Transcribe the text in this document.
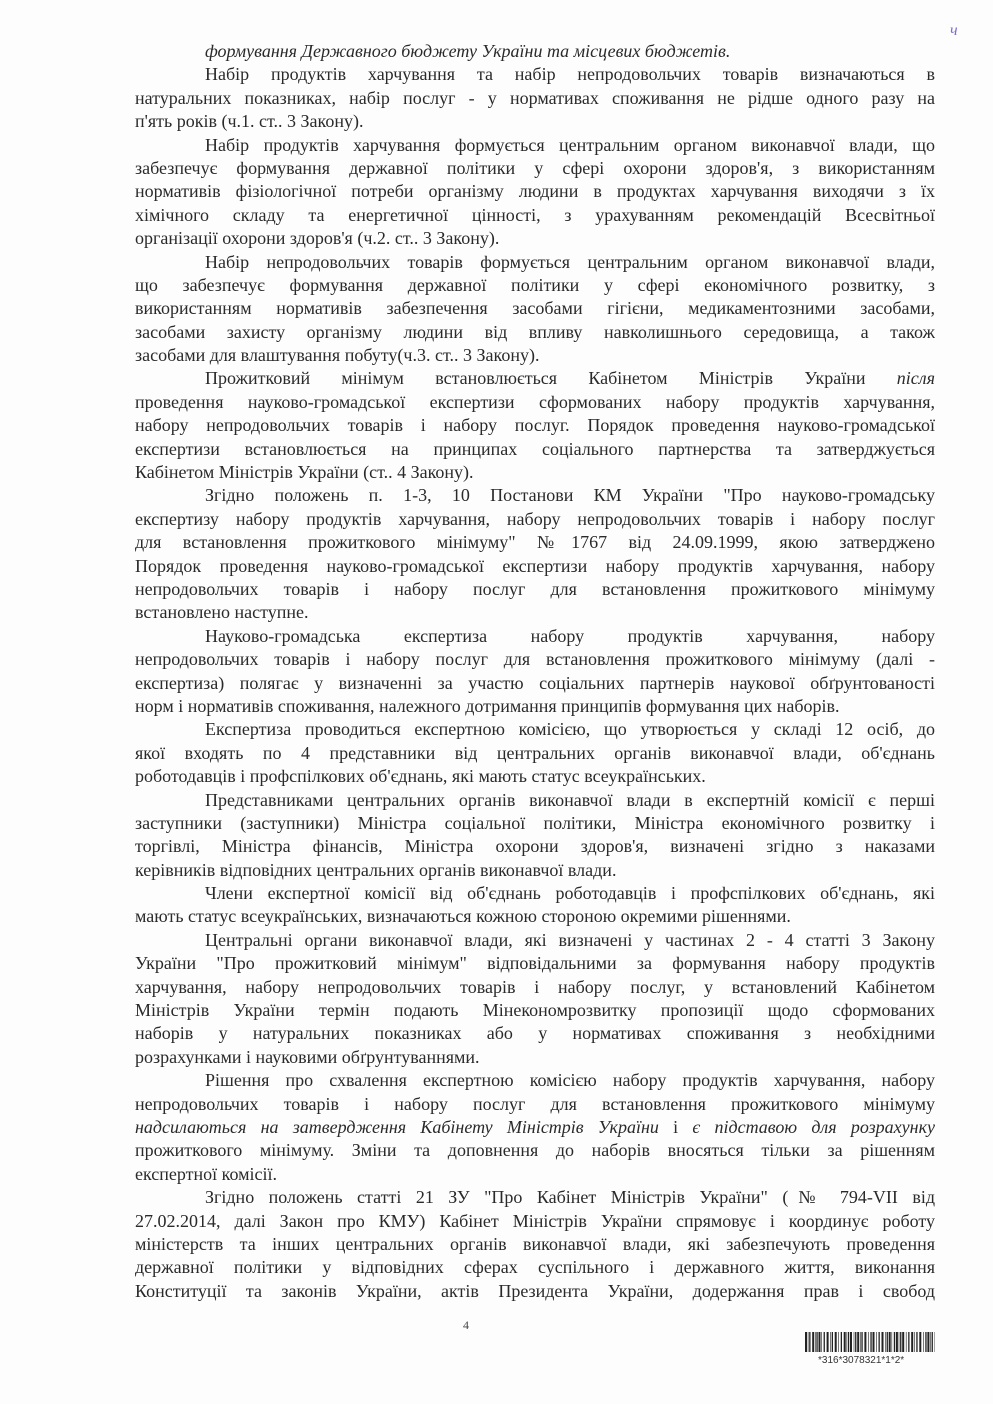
ч
формування Державного бюджету України та місцевих бюджетів.
Набір продуктів харчування та набір непродовольчих товарів визначаються в
натуральних показниках, набір послуг - у нормативах споживання не рідше одного разу на
п'ять років (ч.1. ст.. 3 Закону).
Набір продуктів харчування формується центральним органом виконавчої влади, що
забезпечує формування державної політики у сфері охорони здоров'я, з використанням
нормативів фізіологічної потреби організму людини в продуктах харчування виходячи з їх
хімічного складу та енергетичної цінності, з урахуванням рекомендацій Всесвітньої
організації охорони здоров'я (ч.2. ст.. 3 Закону).
Набір непродовольчих товарів формується центральним органом виконавчої влади,
що забезпечує формування державної політики у сфері економічного розвитку, з
використанням нормативів забезпечення засобами гігієни, медикаментозними засобами,
засобами захисту організму людини від впливу навколишнього середовища, а також
засобами для влаштування побуту(ч.3. ст.. 3 Закону).
Прожитковий мінімум встановлюється Кабінетом Міністрів України після
проведення науково-громадської експертизи сформованих набору продуктів харчування,
набору непродовольчих товарів і набору послуг. Порядок проведення науково-громадської
експертизи встановлюється на принципах соціального партнерства та затверджується
Кабінетом Міністрів України (ст.. 4 Закону).
Згідно положень п. 1-3, 10 Постанови КМ України "Про науково-громадську
експертизу набору продуктів харчування, набору непродовольчих товарів і набору послуг
для встановлення прожиткового мінімуму" №1767 від 24.09.1999, якою затверджено
Порядок проведення науково-громадської експертизи набору продуктів харчування, набору
непродовольчих товарів і набору послуг для встановлення прожиткового мінімуму
встановлено наступне.
Науково-громадська експертиза набору продуктів харчування, набору
непродовольчих товарів і набору послуг для встановлення прожиткового мінімуму (далі -
експертиза) полягає у визначенні за участю соціальних партнерів наукової обґрунтованості
норм і нормативів споживання, належного дотримання принципів формування цих наборів.
Експертиза проводиться експертною комісією, що утворюється у складі 12 осіб, до
якої входять по 4 представники від центральних органів виконавчої влади, об'єднань
роботодавців і профспілкових об'єднань, які мають статус всеукраїнських.
Представниками центральних органів виконавчої влади в експертній комісії є перші
заступники (заступники) Міністра соціальної політики, Міністра економічного розвитку і
торгівлі, Міністра фінансів, Міністра охорони здоров'я, визначені згідно з наказами
керівників відповідних центральних органів виконавчої влади.
Члени експертної комісії від об'єднань роботодавців і профспілкових об'єднань, які
мають статус всеукраїнських, визначаються кожною стороною окремими рішеннями.
Центральні органи виконавчої влади, які визначені у частинах 2 - 4 статті 3 Закону
України "Про прожитковий мінімум" відповідальними за формування набору продуктів
харчування, набору непродовольчих товарів і набору послуг, у встановлений Кабінетом
Міністрів України термін подають Мінекономрозвитку пропозиції щодо сформованих
наборів у натуральних показниках або у нормативах споживання з необхідними
розрахунками і науковими обґрунтуваннями.
Рішення про схвалення експертною комісією набору продуктів харчування, набору
непродовольчих товарів і набору послуг для встановлення прожиткового мінімуму
надсилаються на затвердження Кабінету Міністрів України і є підставою для розрахунку
прожиткового мінімуму. Зміни та доповнення до наборів вносяться тільки за рішенням
експертної комісії.
Згідно положень статті 21 ЗУ "Про Кабінет Міністрів України" (№ 794-VII від
27.02.2014, далі Закон про КМУ) Кабінет Міністрів України спрямовує і координує роботу
міністерств та інших центральних органів виконавчої влади, які забезпечують проведення
державної політики у відповідних сферах суспільного і державного життя, виконання
Конституції та законів України, актів Президента України, додержання прав і свобод
4
*316*3078321*1*2*
